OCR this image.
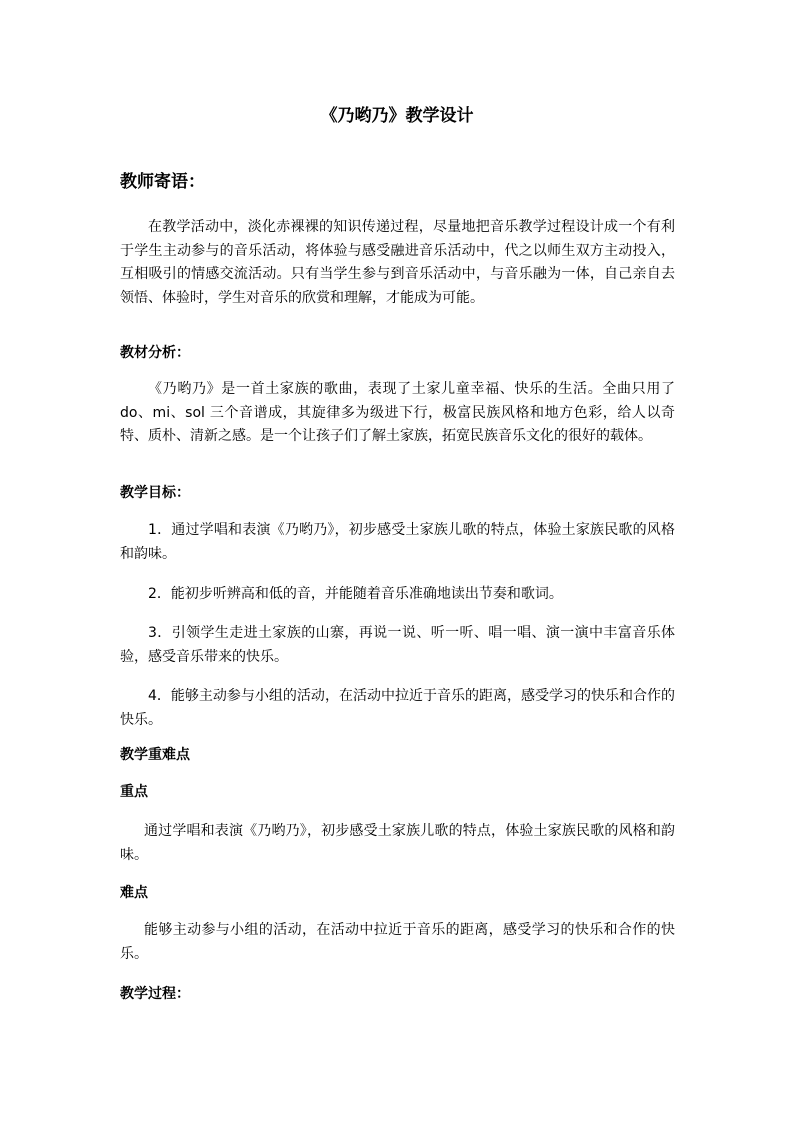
《乃哟乃》教学设计
教师寄语：

在教学活动中，淡化赤裸裸的知识传递过程，尽量地把音乐教学过程设计成一个有利于学生主动参与的音乐活动，将体验与感受融进音乐活动中，代之以师生双方主动投入，互相吸引的情感交流活动。只有当学生参与到音乐活动中，与音乐融为一体，自己亲自去领悟、体验时，学生对音乐的欣赏和理解，才能成为可能。

教材分析：

《乃哟乃》是一首土家族的歌曲，表现了土家儿童幸福、快乐的生活。全曲只用了 do、mi、sol 三个音谱成，其旋律多为级进下行，极富民族风格和地方色彩，给人以奇特、质朴、清新之感。是一个让孩子们了解土家族，拓宽民族音乐文化的很好的载体。

教学目标：

1．通过学唱和表演《乃哟乃》，初步感受土家族儿歌的特点，体验土家族民歌的风格和韵味。

2．能初步听辨高和低的音，并能随着音乐准确地读出节奏和歌词。

3．引领学生走进土家族的山寨，再说一说、听一听、唱一唱、演一演中丰富音乐体验，感受音乐带来的快乐。

4．能够主动参与小组的活动，在活动中拉近于音乐的距离，感受学习的快乐和合作的快乐。

教学重难点
重点

通过学唱和表演《乃哟乃》，初步感受土家族儿歌的特点，体验土家族民歌的风格和韵味。

难点

能够主动参与小组的活动，在活动中拉近于音乐的距离，感受学习的快乐和合作的快乐。

教学过程：
